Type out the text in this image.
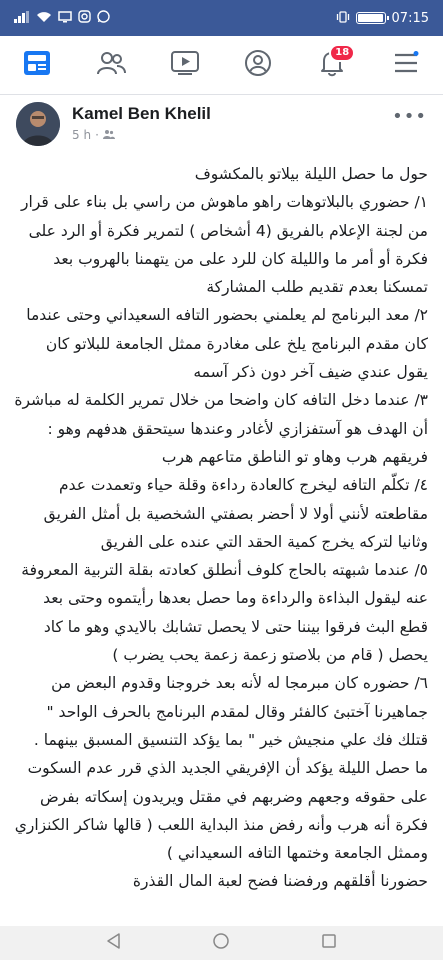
07:15
18
Kamel Ben Khelil
5 h ·
•••

حول ما حصل الليلة بيلاتو بالمكشوف

١/ حضوري بالبلاتوهات راهو ماهوش من راسي بل بناء على قرار من لجنة الإعلام بالفريق (4 أشخاص ) لتمرير فكرة أو الرد على فكرة أو أمر ما والليلة كان للرد على من يتهمنا بالهروب بعد تمسكنا بعدم تقديم طلب المشاركة

٢/ معد البرنامج لم يعلمني بحضور التافه السعيداني وحتى عندما كان مقدم البرنامج يلخ على مغادرة ممثل الجامعة للبلاتو كان يقول عندي ضيف آخر دون ذكر آسمه

٣/ عندما دخل التافه كان واضحا من خلال تمرير الكلمة له مباشرة أن الهدف هو آستفزازي لأغادر وعندها سيتحقق هدفهم وهو : فريقهم هرب وهاو تو الناطق متاعهم هرب

٤/ تكلّم التافه ليخرج كالعادة رداءة وقلة حياء وتعمدت عدم مقاطعته لأنني أولا لا أحضر بصفتي الشخصية بل أمثل الفريق وثانيا لتركه يخرج كمية الحقد التي عنده على الفريق

٥/ عندما شبهته بالحاج كلوف أنطلق كعادته بقلة التربية المعروفة عنه ليقول البذاءة والرداءة وما حصل بعدها رأيتموه وحتى بعد قطع البث فرقوا بيننا حتى لا يحصل تشابك بالايدي وهو ما كاد يحصل ( قام من بلاصتو زعمة زعمة يحب يضرب )

٦/ حضوره كان مبرمجا له لأنه بعد خروجنا وقدوم البعض من جماهيرنا آختبئ كالفئر وقال لمقدم البرنامج بالحرف الواحد " قتلك فك علي منجيش خير " بما يؤكد التنسيق المسبق بينهما .

ما حصل الليلة يؤكد أن الإفريقي الجديد الذي قرر عدم السكوت على حقوقه وجعهم وضربهم في مقتل ويريدون إسكاته بفرض فكرة أنه هرب وأنه رفض منذ البداية اللعب ( قالها شاكر الكنزاري وممثل الجامعة وختمها التافه السعيداني )

حضورنا أقلقهم ورفضنا فضح لعبة المال القذرة
